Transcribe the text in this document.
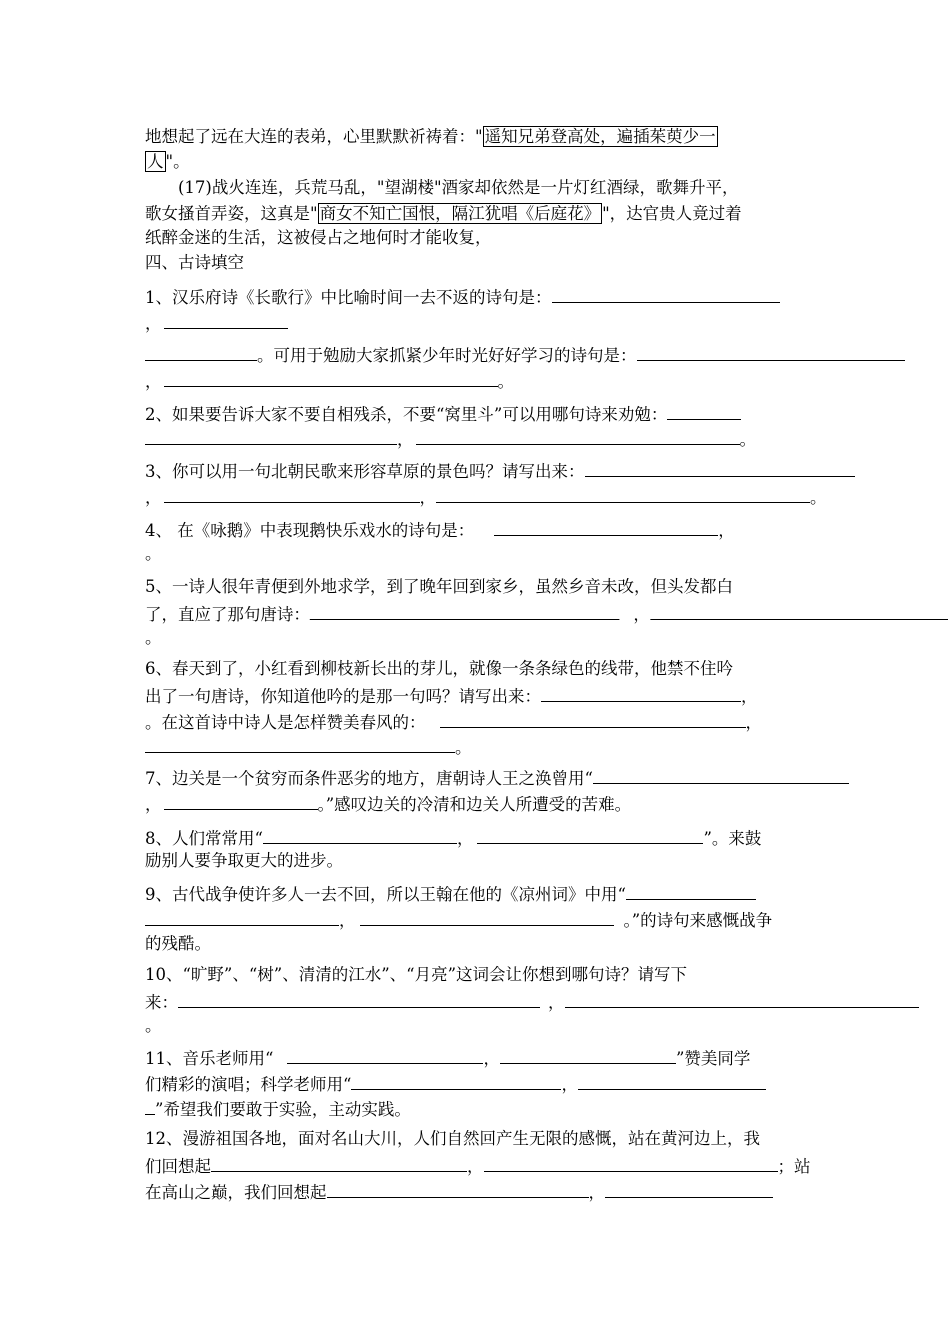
地想起了远在大连的表弟，心里默默祈祷着：" 遥知兄弟登高处，遍插茱萸少一
人 "。
(17)战火连连，兵荒马乱，"望湖楼"酒家却依然是一片灯红酒绿，歌舞升平，
歌女搔首弄姿，这真是" 商女不知亡国恨，隔江犹唱《后庭花》 "，达官贵人竟过着
纸醉金迷的生活，这被侵占之地何时才能收复，
四、古诗填空
1、汉乐府诗《长歌行》中比喻时间一去不返的诗句是：
，
。可用于勉励大家抓紧少年时光好好学习的诗句是：
，	。
2、如果要告诉大家不要自相残杀，不要“窝里斗”可以用哪句诗来劝勉：
，	。
3、你可以用一句北朝民歌来形容草原的景色吗？请写出来：
，	，	。
4、 在《咏鹅》中表现鹅快乐戏水的诗句是：	，
。
5、一诗人很年青便到外地求学，到了晚年回到家乡，虽然乡音未改，但头发都白
了，直应了那句唐诗：	，
。
6、春天到了，小红看到柳枝新长出的芽儿，就像一条条绿色的线带，他禁不住吟
出了一句唐诗，你知道他吟的是那一句吗？请写出来：	，
。在这首诗中诗人是怎样赞美春风的：	，
。
7、边关是一个贫穷而条件恶劣的地方，唐朝诗人王之涣曾用“
，	。”感叹边关的冷清和边关人所遭受的苦难。
8、人们常常用“	，	”。来鼓
励别人要争取更大的进步。
9、古代战争使许多人一去不回，所以王翰在他的《凉州词》中用“
，	。”的诗句来感慨战争
的残酷。
10、“旷野”、“树”、清清的江水”、“月亮”这词会让你想到哪句诗？请写下
来：	，
。
11、音乐老师用“	，	”赞美同学
们精彩的演唱；科学老师用“	，
”希望我们要敢于实验，主动实践。
12、漫游祖国各地，面对名山大川，人们自然回产生无限的感慨，站在黄河边上，我
们回想起	，	；站
在高山之巅，我们回想起	，
